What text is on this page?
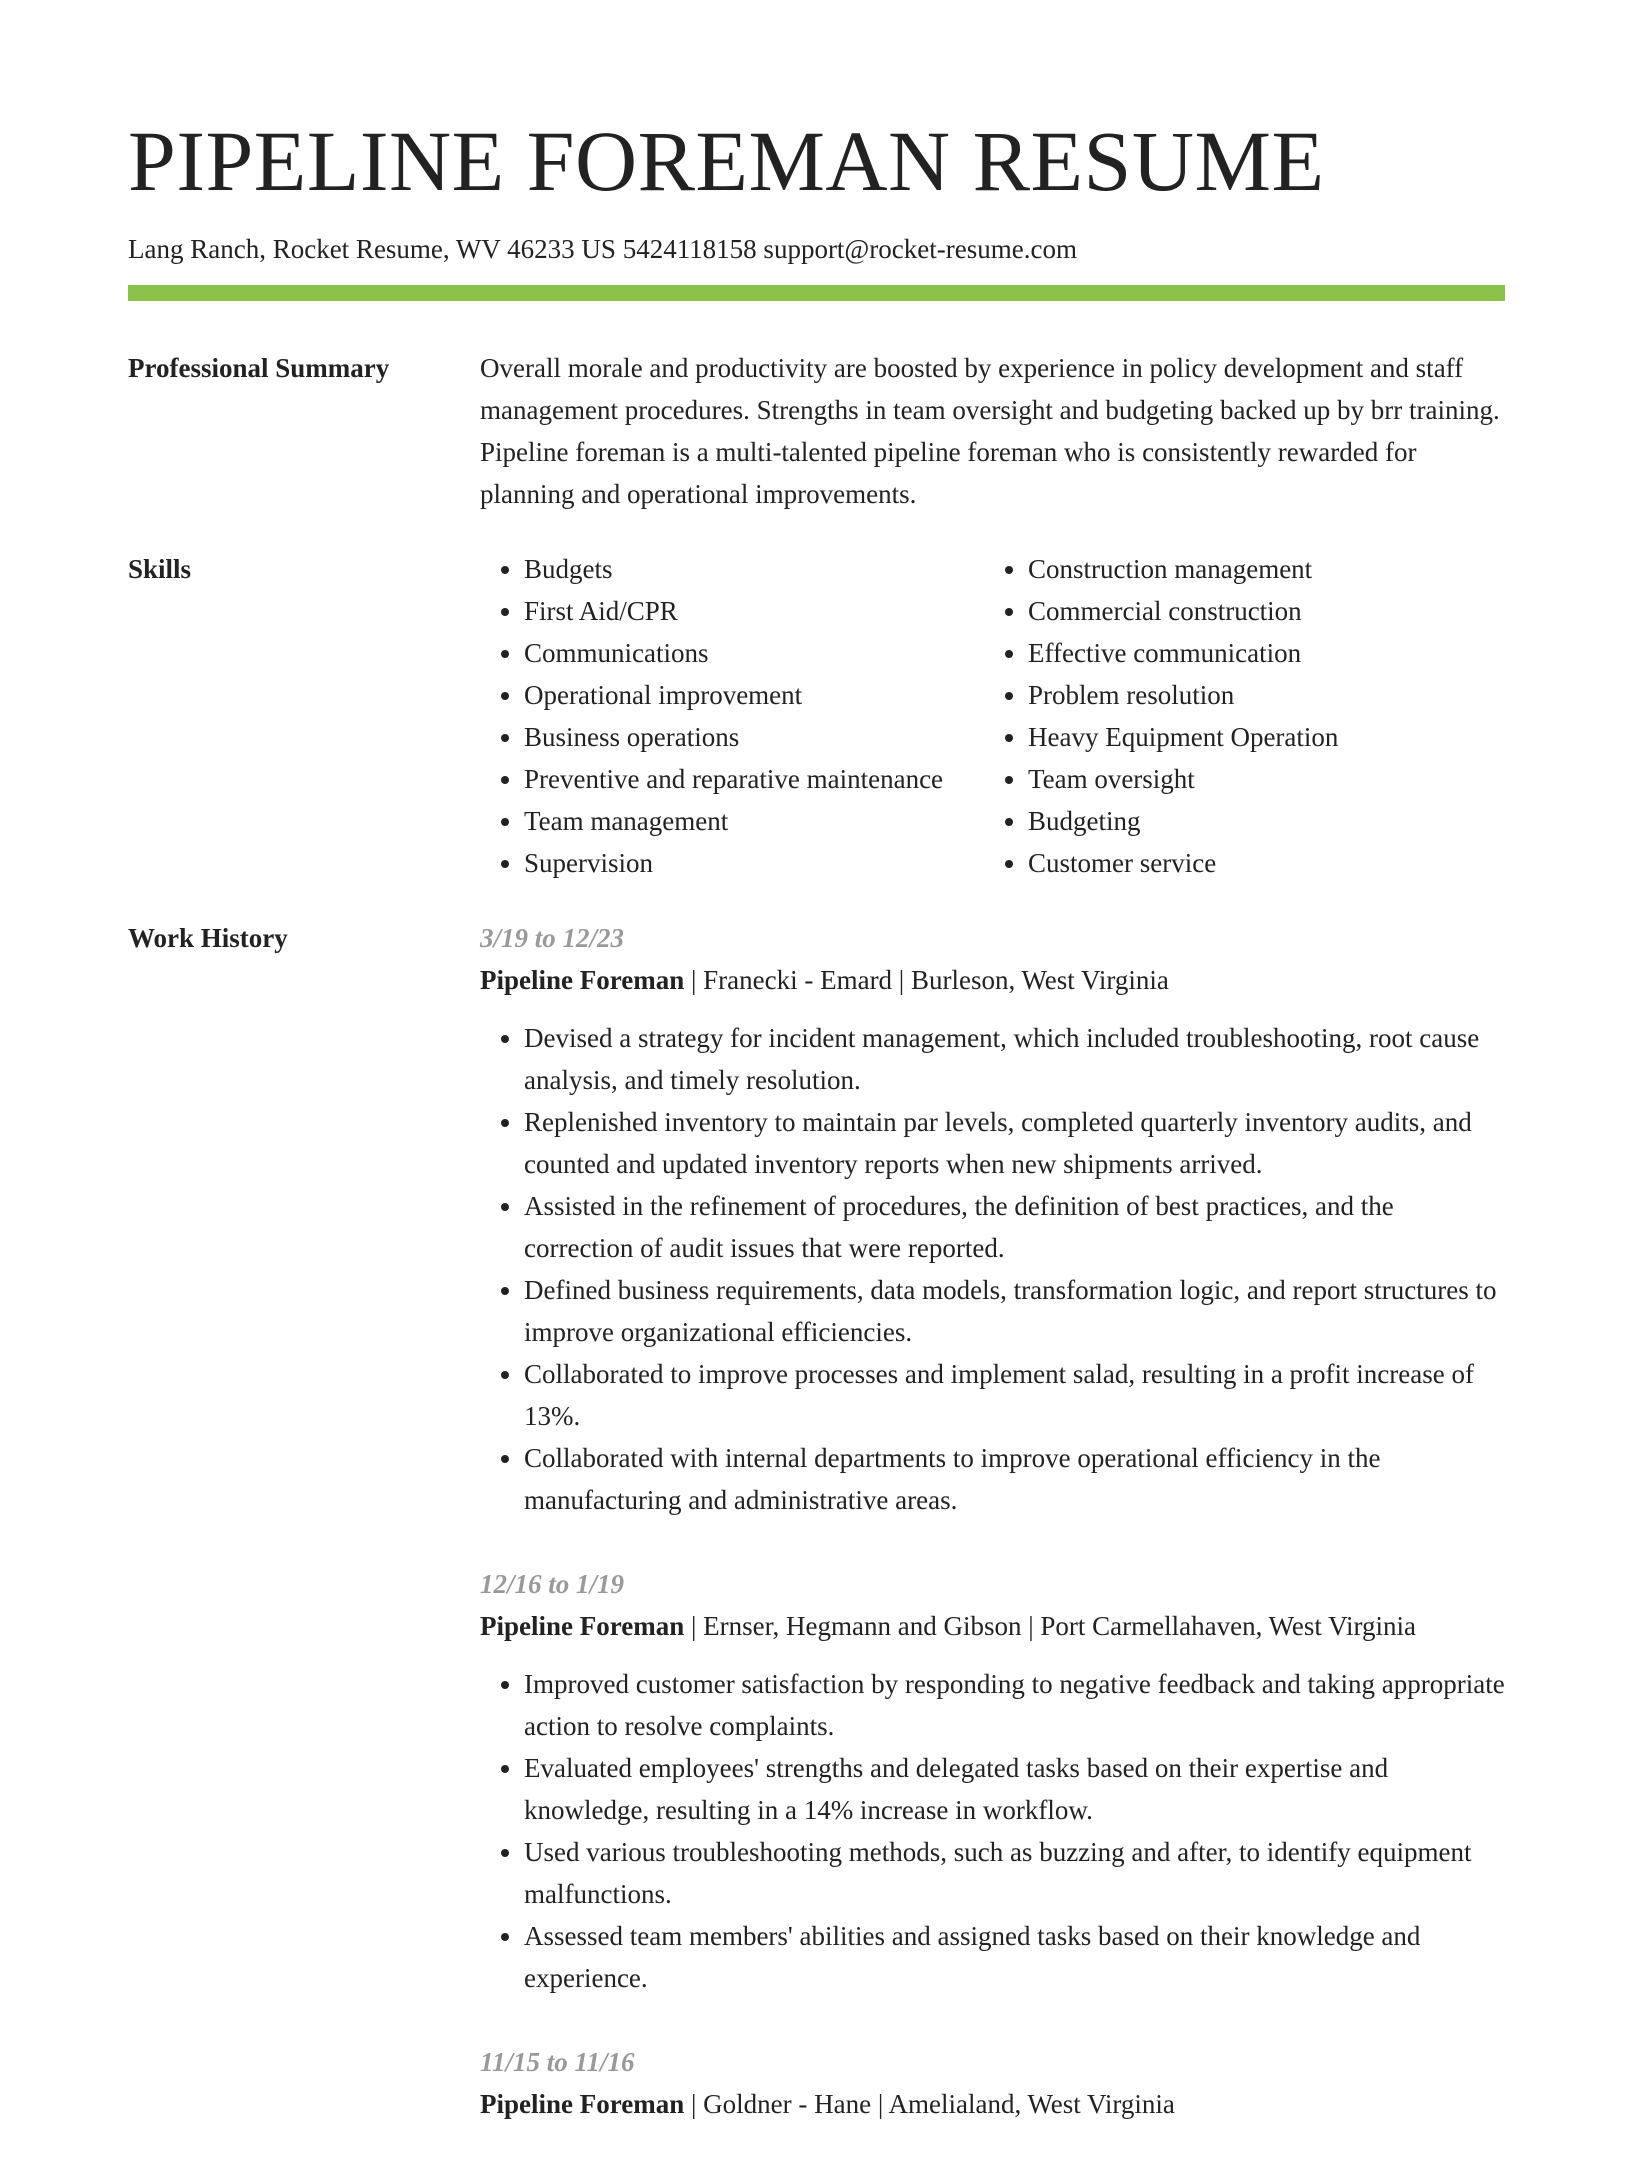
PIPELINE FOREMAN RESUME
Lang Ranch, Rocket Resume, WV 46233 US 5424118158 support@rocket-resume.com
Professional Summary	Overall morale and productivity are boosted by experience in policy development and staff management procedures. Strengths in team oversight and budgeting backed up by brr training. Pipeline foreman is a multi-talented pipeline foreman who is consistently rewarded for planning and operational improvements.

Skills
•	Budgets
• First Aid/CPR
• Communications
• Operational improvement
• Business operations
• Preventive and reparative maintenance
• Team management
• Supervision
• Construction management
• Commercial construction
• Effective communication
• Problem resolution
• Heavy Equipment Operation
• Team oversight
• Budgeting
• Customer service
Work History	3/19 to 12/23
Pipeline Foreman | Franecki - Emard | Burleson, West Virginia
• Devised a strategy for incident management, which included troubleshooting, root cause analysis, and timely resolution.
• Replenished inventory to maintain par levels, completed quarterly inventory audits, and counted and updated inventory reports when new shipments arrived.
• Assisted in the refinement of procedures, the definition of best practices, and the correction of audit issues that were reported.
• Defined business requirements, data models, transformation logic, and report structures to improve organizational efficiencies.
• Collaborated to improve processes and implement salad, resulting in a profit increase of 13%.
• Collaborated with internal departments to improve operational efficiency in the manufacturing and administrative areas.
12/16 to 1/19
Pipeline Foreman | Ernser, Hegmann and Gibson | Port Carmellahaven, West Virginia
• Improved customer satisfaction by responding to negative feedback and taking appropriate action to resolve complaints.
• Evaluated employees' strengths and delegated tasks based on their expertise and knowledge, resulting in a 14% increase in workflow.
• Used various troubleshooting methods, such as buzzing and after, to identify equipment malfunctions.
• Assessed team members' abilities and assigned tasks based on their knowledge and experience.
11/15 to 11/16
Pipeline Foreman | Goldner - Hane | Amelialand, West Virginia
